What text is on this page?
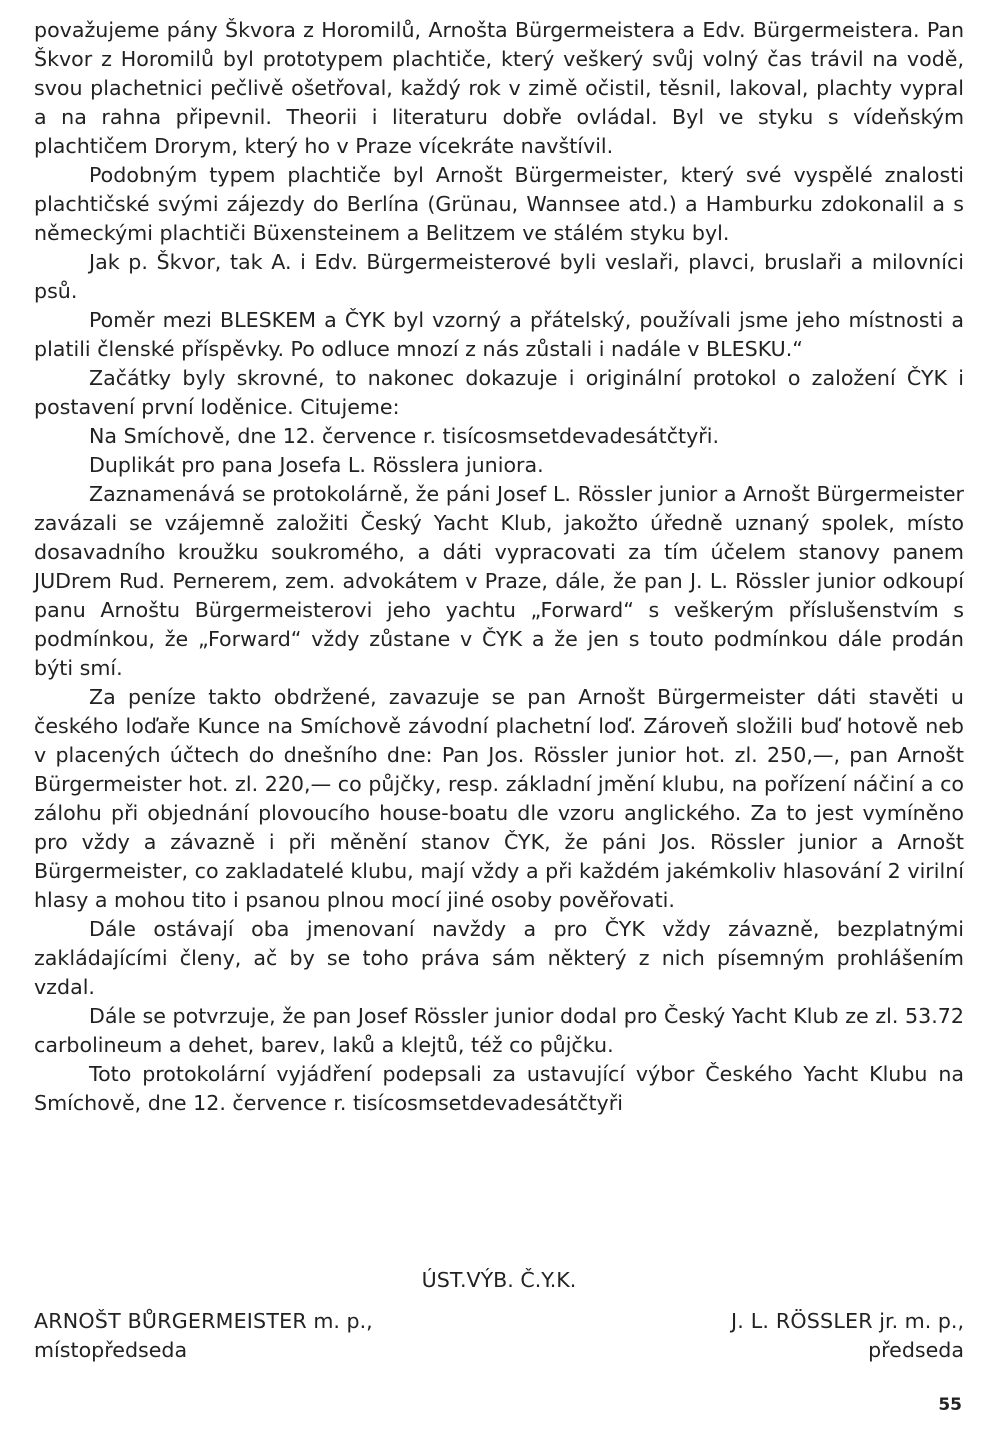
považujeme pány Škvora z Horomilů, Arnošta Bürgermeistera a Edv. Bürgermeistera. Pan Škvor z Horomilů byl prototypem plachtiče, který veškerý svůj volný čas trávil na vodě, svou plachetnici pečlivě ošetřoval, každý rok v zimě očistil, těsnil, lakoval, plachty vypral a na rahna připevnil. Theorii i literaturu dobře ovládal. Byl ve styku s vídeňským plachtičem Drorym, který ho v Praze vícekráte navštívil.

Podobným typem plachtiče byl Arnošt Bürgermeister, který své vyspělé znalosti plachtičské svými zájezdy do Berlína (Grünau, Wannsee atd.) a Hamburku zdokonalil a s německými plachtiči Büxensteinem a Belitzem ve stálém styku byl.

Jak p. Škvor, tak A. i Edv. Bürgermeisterové byli veslaři, plavci, bruslaři a milovníci psů.

Poměr mezi BLESKEM a ČYK byl vzorný a přátelský, používali jsme jeho místnosti a platili členské příspěvky. Po odluce mnozí z nás zůstali i nadále v BLESKU.“

Začátky byly skrovné, to nakonec dokazuje i originální protokol o založení ČYK i postavení první loděnice. Citujeme:

Na Smíchově, dne 12. července r. tisícosmsetdevadesátčtyři.

Duplikát pro pana Josefa L. Rösslera juniora.

Zaznamenává se protokolárně, že páni Josef L. Rössler junior a Arnošt Bürgermeister zavázali se vzájemně založiti Český Yacht Klub, jakožto úředně uznaný spolek, místo dosavadního kroužku soukromého, a dáti vypracovati za tím účelem stanovy panem JUDrem Rud. Pernerem, zem. advokátem v Praze, dále, že pan J. L. Rössler junior odkoupí panu Arnoštu Bürgermeisterovi jeho yachtu „Forward“ s veškerým příslušenstvím s podmínkou, že „Forward“ vždy zůstane v ČYK a že jen s touto podmínkou dále prodán býti smí.

Za peníze takto obdržené, zavazuje se pan Arnošt Bürgermeister dáti stavěti u českého loďaře Kunce na Smíchově závodní plachetní loď. Zároveň složili buď hotově neb v placených účtech do dnešního dne: Pan Jos. Rössler junior hot. zl. 250,—, pan Arnošt Bürgermeister hot. zl. 220,— co půjčky, resp. základní jmění klubu, na pořízení náčiní a co zálohu při objednání plovoucího house-boatu dle vzoru anglického. Za to jest vymíněno pro vždy a závazně i při měnění stanov ČYK, že páni Jos. Rössler junior a Arnošt Bürgermeister, co zakladatelé klubu, mají vždy a při každém jakémkoliv hlasování 2 virilní hlasy a mohou tito i psanou plnou mocí jiné osoby pověřovati.

Dále ostávají oba jmenovaní navždy a pro ČYK vždy závazně, bezplatnými zakládajícími členy, ač by se toho práva sám některý z nich písemným prohlášením vzdal.

Dále se potvrzuje, že pan Josef Rössler junior dodal pro Český Yacht Klub ze zl. 53.72 carbolineum a dehet, barev, laků a klejtů, též co půjčku.

Toto protokolární vyjádření podepsali za ustavující výbor Českého Yacht Klubu na Smíchově, dne 12. července r. tisícosmsetdevadesátčtyři

ÚST.VÝB. Č.Y.K.
ARNOŠT BŮRGERMEISTER m. p.,
místopředseda
J. L. RÖSSLER jr. m. p.,
předseda
55
